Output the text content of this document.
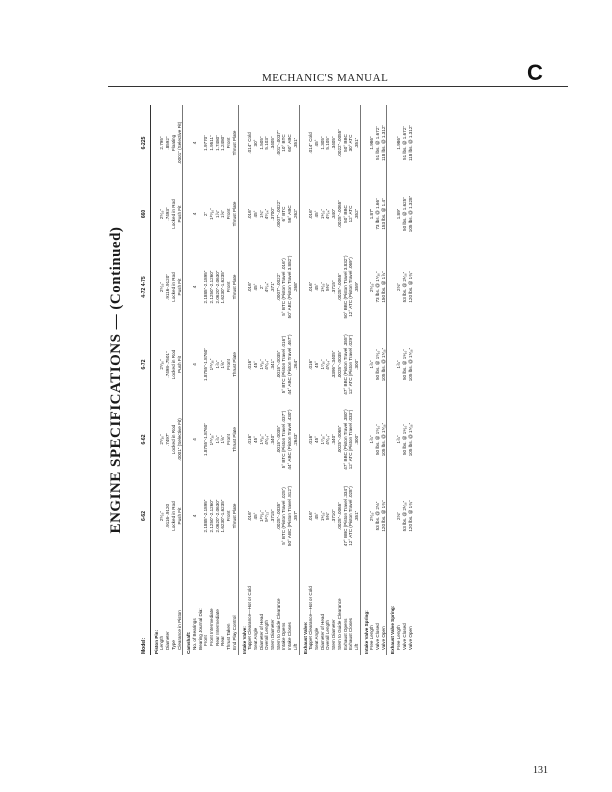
MECHANIC'S MANUAL	C
ENGINE SPECIFICATIONS — (Continued)
Model:	6-62	6-62	6-72	4-72 4-75	660	6-225
Piston Pin:						
Length	2⁵⁄₁₆"	2⁵⁄₁₆"	2⁵⁄₁₆"	2⁵⁄₁₆"	2⁵⁄₁₆"	2.795"
Diameter	.9116-.9120	.7497"	.7498-.7501"	.9116-.9120"	.7493"	.8592"
Type	Locked in Rod	Locked in Rod	Locked in Rod	Locked in Rod	Locked in Rod	Floating
Clearance in Piston	Push Fit	.0001" (Selective Fit)	Push Fit	Push Fit	Push Fit	.0001" (Selective Fit)
Camshaft:						
No. of Bearings	4	4	4	4	4	4
Bearing Journal Dia:						
Front	2.1885"-2.1895"	1.8755"-1.8760"	1.8755"-1.8760"	2.1885"-2.1895"	2"	1.9770"
Front Intermediate	2.1250"-2.1260"	1¹⁵⁄₁₆"	1¹⁵⁄₁₆"	2.1250"-2.1260"	1¹⁵⁄₁₆"	1.9511"
Rear Intermediate	2.0620"-2.0630"	1⅞"	1⅞"	2.0620"-2.0630"	1⅞"	1.7480"
Rear	1.6230"-1.6235"	1⅝"	1⅝"	1.6230"-1.6235"	1⅝"	1.2480"
Thrust Taken	Front	Front	Front	Front	Front	Front
End Play Control	Thrust Plate	Thrust Plate	Thrust Plate	Thrust Plate	Thrust Plate	Thrust Plate
Intake Valve:						
Tappet Clearance—Hot or Cold	.016"	.016"	.016"	.016"	.016"	.014" Cold
Seat Angle	45°	45°	45°	45°	45°	30°
Diameter of Head	1¹⁵⁄₁₆"	1⁹⁄₁₆"	1⁹⁄₁₆"	2"	1¾"	1.505"
Overall Length	5¹⁷⁄₃₂"	4⁵⁄₆₄"	4⁵⁄₆₄"	4⁵⁄₆₄"	4⁵⁄₆₄"	5.103"
Stem Diameter	.3715"	.340"	.341"	.371"	.3700"	.3405"
Stem to Guide Clearance	.0025"-.0035"	.0015"-.0035"	.0015"-.0035"	.0007"-.0022"	.0007"-.0022"	.001"-.0037"
Intake Opens	5° BTC (Piston Travel .025")	5° BTC (Piston Travel .037")	5° BTC (Piston Travel .016")	5° BTC (Piston Travel .016")	6° BTC	10° BTC
Intake Closes	50° ABC (Piston Travel .812")	44° ABC (Piston Travel .430")	44° ABC (Piston Travel .467")	50° ABC (Piston Travel 3.882")	56° ABC	60° ABC
Lift	.357"	.2643"	.264"	.268"	.262"	.351"
Exhaust Valve:						
Tappet Clearance—Hot or Cold	.016"	.016"	.016"	.016"	.016"	.014" Cold
Seat Angle	45°	45°	45°	45°	45°	45°
Diameter of Head	1⁹⁄₁₆"	1⁷⁄₁₆"	1⁷⁄₁₆"	1⁹⁄₁₆"	1⁹⁄₁₆"	1.305"
Overall Length	5⅜"	4⁵⁄₆₄"	4⁵⁄₆₄"	5⅜"	4⁵⁄₆₄"	5.105"
Stem Diameter	.3710"	.340"	.3395"-.3405"	.3715"	.340"	.3405"
Stem to Guide Clearance	.0025"-.0065"	.0025"-.0065"	.0025"-.0035"	.0025"-.0065"	.0025"-.0065"	.0022"-.0055"
Exhaust Opens	47° BBC (Piston Travel .334")	47° BBC (Piston Travel .380")	47° BBC (Piston Travel .355")	50° BBC (Piston Travel 3.832")	50° BBC	50° BBC
Exhaust Closes	12° ATC (Piston Travel .028")	12° ATC (Piston Travel .033")	12° ATC (Piston Travel .029")	12° ATC (Piston Travel .069")	12° ATC	30° ATC
Lift	.351"	.300"	.300"	.359"	.352"	.351"
Intake Valve Spring:						
Free Length	2⁵⁄₁₆"	1⅞"	1⅞"	2⁵⁄₁₆"	1.87"	1.986"
Valve Closed	53 lbs. @ 2⅛"	50 lbs. @ 1⁵⁄₁₆"	50 lbs. @ 1⁵⁄₁₆"	73 lbs. @ 1⁵⁄₁₆"	73 lbs. @ 1.66"	51 lbs. @ 1.672"
Valve Open	120 lbs. @ 1¾"	105 lbs. @ 1⁵⁄₁₆"	105 lbs. @ 1⁵⁄₁₆"	150 lbs. @ 1⅞"	153 lbs. @ 1.4"	118 lbs. @ 1.312"
Exhaust Valve Spring:						
Free Length	2⅛"	1⅞"	1⅞"	2⅛"	1.89"	1.986"
Valve Closed	53 lbs. @ 2¹⁄₁₆"	50 lbs. @ 1⁹⁄₁₆"	50 lbs. @ 1⁹⁄₁₆"	53 lbs. @ 2¹⁄₁₆"	50 lbs. @ 1.625"	51 lbs. @ 1.672"
Valve Open	120 lbs. @ 1¾"	105 lbs. @ 1⁵⁄₁₆"	105 lbs. @ 1⁵⁄₁₆"	120 lbs. @ 1¾"	105 lbs. @ 1.328"	118 lbs. @ 1.312"
131
